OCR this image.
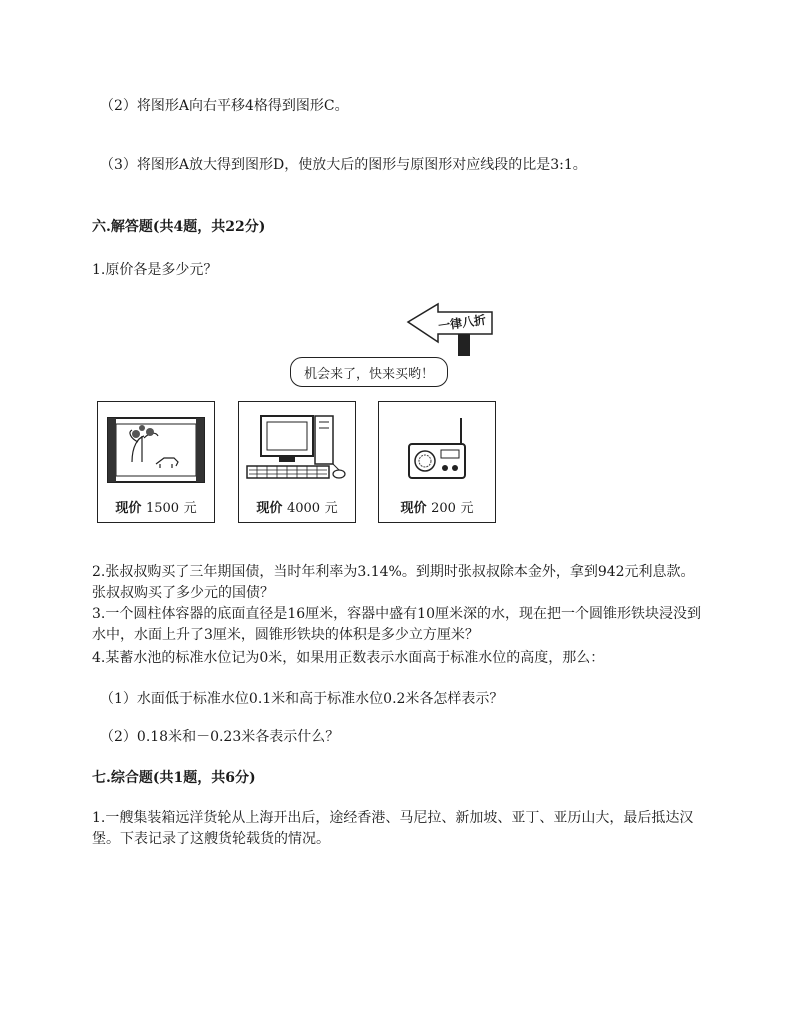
（2）将图形A向右平移4格得到图形C。
（3）将图形A放大得到图形D，使放大后的图形与原图形对应线段的比是3:1。
六.解答题(共4题，共22分)
1.原价各是多少元？
一律八折
机会来了，快来买哟！
现价 1500 元	现价 4000 元	现价 200 元
2.张叔叔购买了三年期国债，当时年利率为3.14%。到期时张叔叔除本金外，拿到942元利息款。张叔叔购买了多少元的国债？
3.一个圆柱体容器的底面直径是16厘米，容器中盛有10厘米深的水，现在把一个圆锥形铁块浸没到水中，水面上升了3厘米，圆锥形铁块的体积是多少立方厘米？
4.某蓄水池的标准水位记为0米，如果用正数表示水面高于标准水位的高度，那么：
（1）水面低于标准水位0.1米和高于标准水位0.2米各怎样表示？
（2）0.18米和－0.23米各表示什么？
七.综合题(共1题，共6分)
1.一艘集装箱远洋货轮从上海开出后，途经香港、马尼拉、新加坡、亚丁、亚历山大，最后抵达汉堡。下表记录了这艘货轮载货的情况。
